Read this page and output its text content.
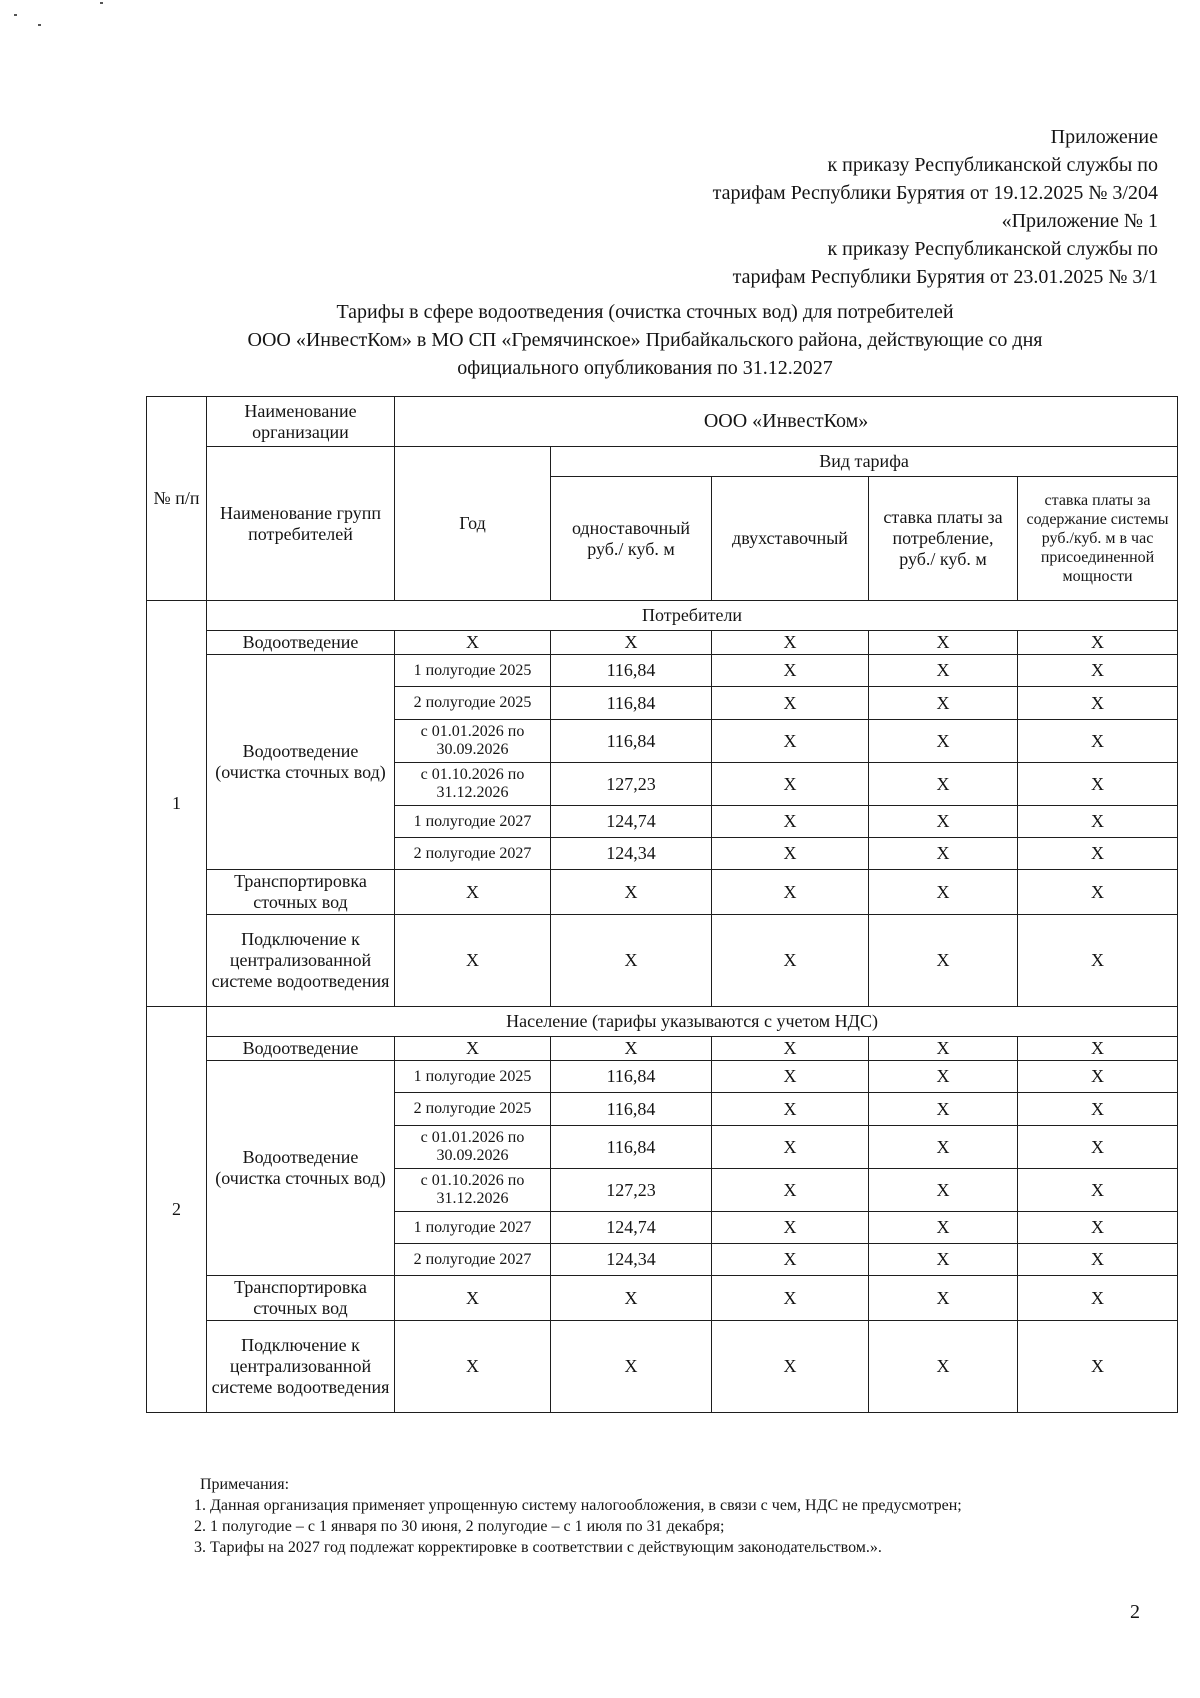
Приложение
к приказу Республиканской службы по
тарифам Республики Бурятия от 19.12.2025 № 3/204
«Приложение № 1
к приказу Республиканской службы по
тарифам Республики Бурятия от 23.01.2025 № 3/1
Тарифы в сфере водоотведения (очистка сточных вод) для потребителей
ООО «ИнвестКом» в МО СП «Гремячинское» Прибайкальского района, действующие со дня
официального опубликования по 31.12.2027
№ п/п	Наименование организации	ООО «ИнвестКом»				
	Наименование групп потребителей	Год	Вид тарифа			
			одноставочный руб./ куб. м	двухставочный	ставка платы за потребление, руб./ куб. м	ставка платы за содержание системы руб./куб. м в час присоединенной мощности
1	Потребители					
	Водоотведение	X	X	X	X	X
	Водоотведение (очистка сточных вод)	1 полугодие 2025	116,84	X	X	X
		2 полугодие 2025	116,84	X	X	X
		с 01.01.2026 по 30.09.2026	116,84	X	X	X
		с 01.10.2026 по 31.12.2026	127,23	X	X	X
		1 полугодие 2027	124,74	X	X	X
		2 полугодие 2027	124,34	X	X	X
	Транспортировка сточных вод	X	X	X	X	X
	Подключение к централизованной системе водоотведения	X	X	X	X	X
2	Население (тарифы указываются с учетом НДС)					
	Водоотведение	X	X	X	X	X
	Водоотведение (очистка сточных вод)	1 полугодие 2025	116,84	X	X	X
		2 полугодие 2025	116,84	X	X	X
		с 01.01.2026 по 30.09.2026	116,84	X	X	X
		с 01.10.2026 по 31.12.2026	127,23	X	X	X
		1 полугодие 2027	124,74	X	X	X
		2 полугодие 2027	124,34	X	X	X
	Транспортировка сточных вод	X	X	X	X	X
	Подключение к централизованной системе водоотведения	X	X	X	X	X
Примечания:
1. Данная организация применяет упрощенную систему налогообложения, в связи с чем, НДС не предусмотрен;
2. 1 полугодие – с 1 января по 30 июня, 2 полугодие – с 1 июля по 31 декабря;
3. Тарифы на 2027 год подлежат корректировке в соответствии с действующим законодательством.».
2
